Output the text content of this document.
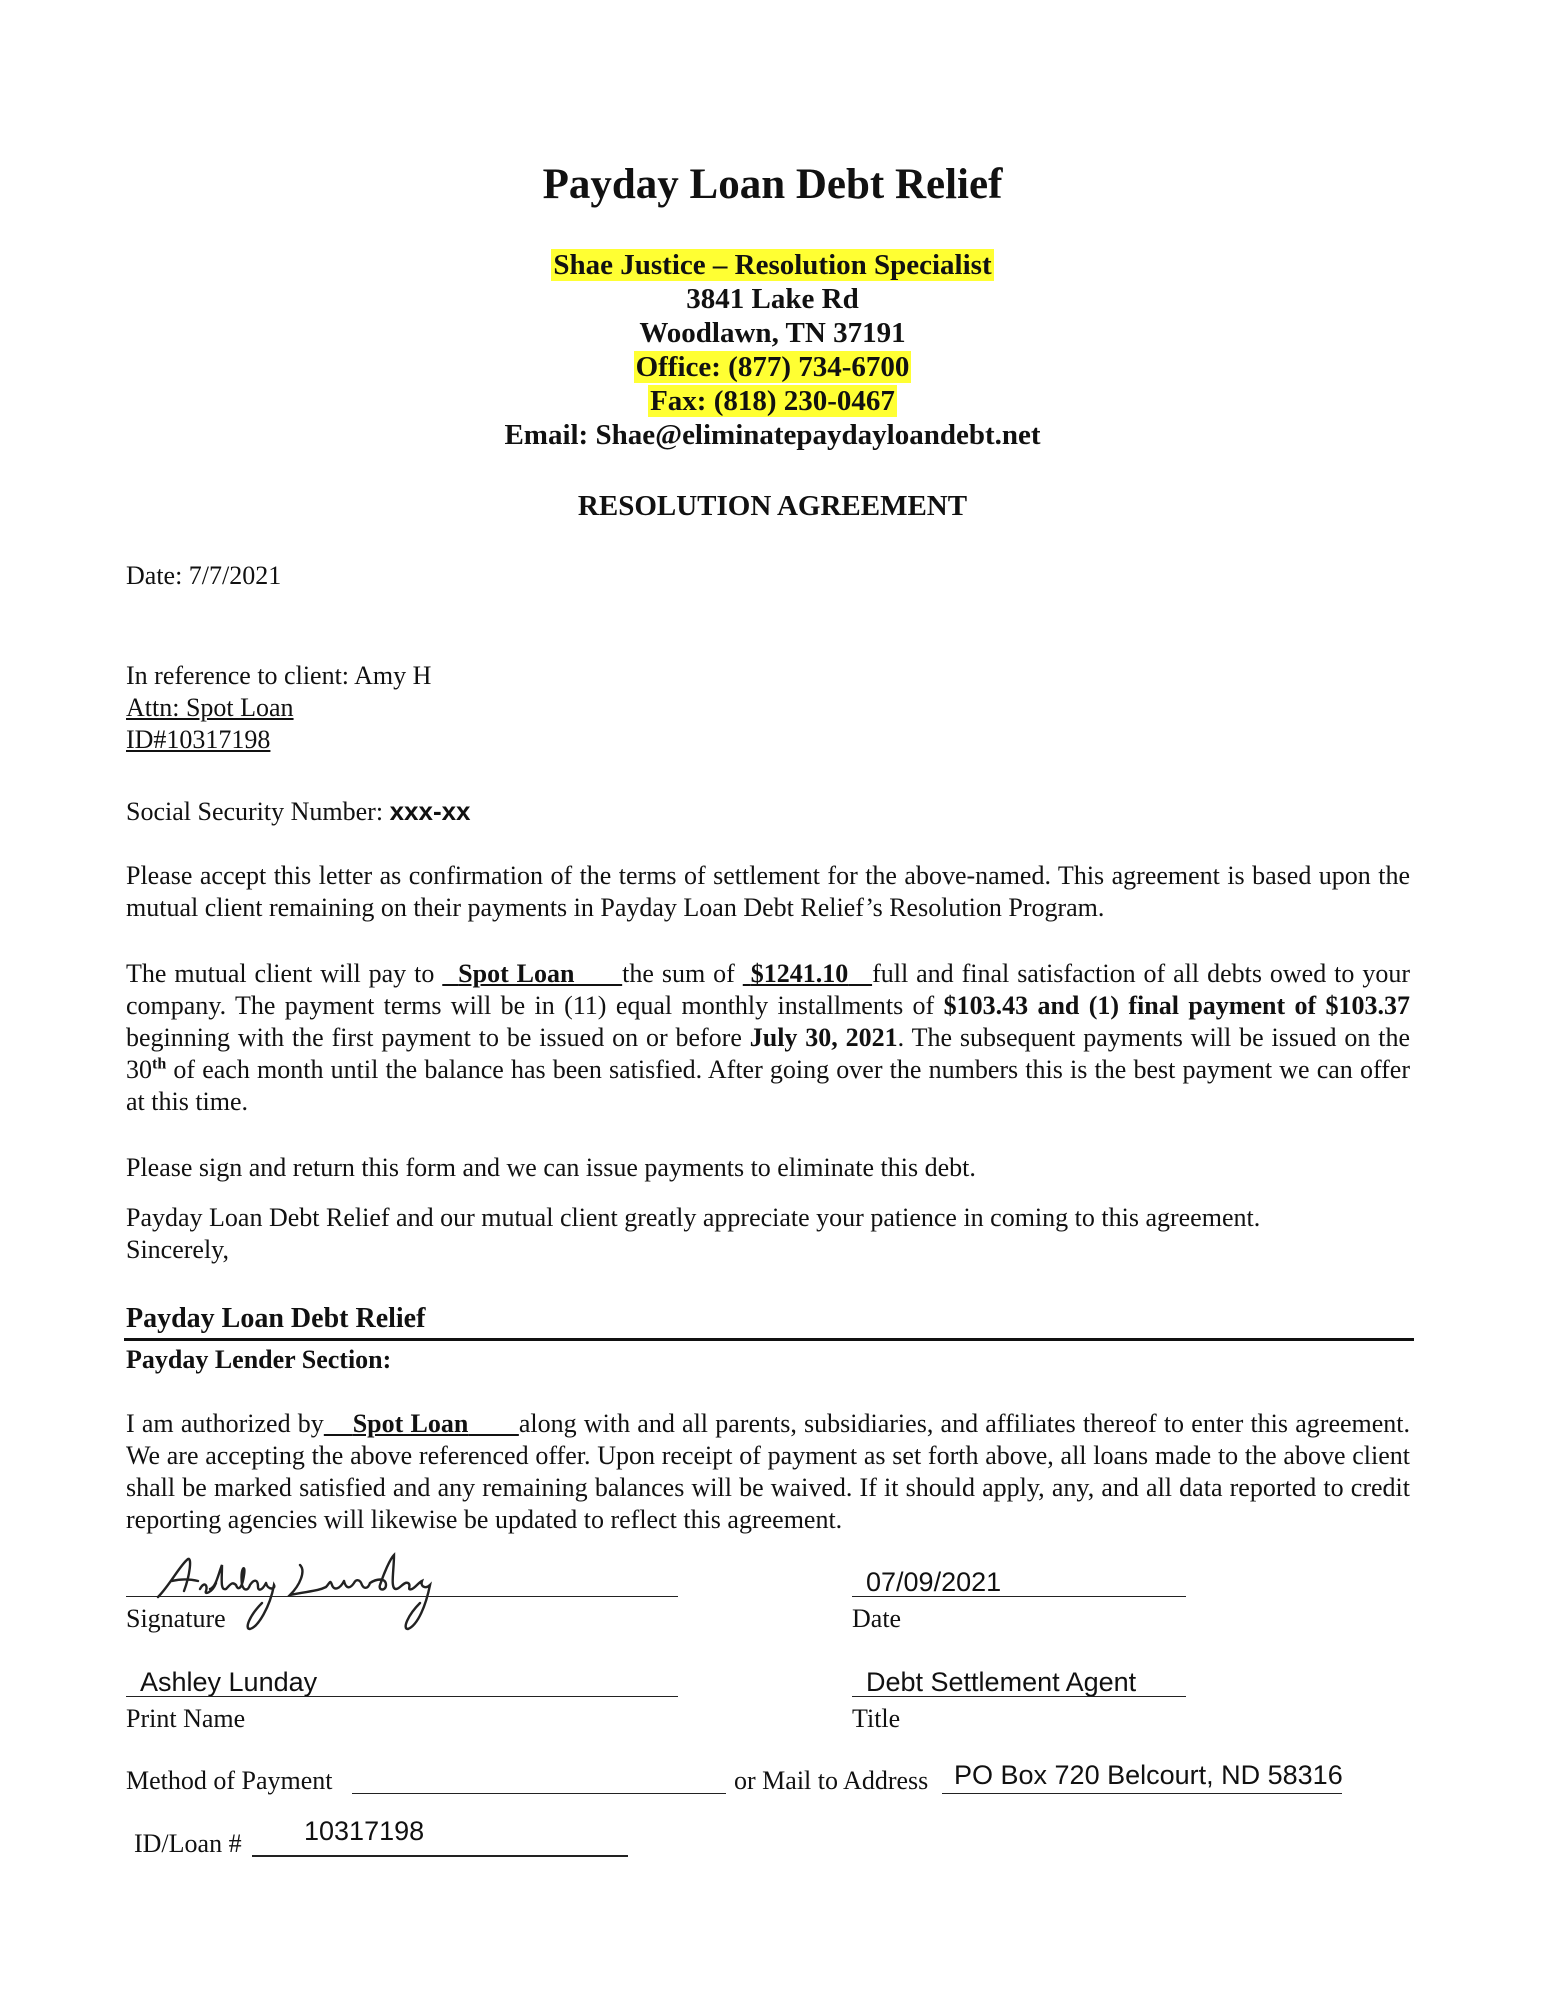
Payday Loan Debt Relief
Shae Justice – Resolution Specialist
3841 Lake Rd
Woodlawn, TN 37191
Office: (877) 734-6700
Fax: (818) 230-0467
Email: Shae@eliminatepaydayloandebt.net
RESOLUTION AGREEMENT
Date: 7/7/2021
In reference to client: Amy H
Attn: Spot Loan
ID#10317198
Social Security Number: xxx-xx
Please accept this letter as confirmation of the terms of settlement for the above-named. This agreement is based upon the mutual client remaining on their payments in Payday Loan Debt Relief’s Resolution Program.
The mutual client will pay to   Spot Loan the sum of  $1241.10 full and final satisfaction of all debts owed to your company. The payment terms will be in (11) equal monthly installments of $103.43 and (1) final payment of $103.37 beginning with the first payment to be issued on or before July 30, 2021. The subsequent payments will be issued on the 30th of each month until the balance has been satisfied. After going over the numbers this is the best payment we can offer at this time.
Please sign and return this form and we can issue payments to eliminate this debt.
Payday Loan Debt Relief and our mutual client greatly appreciate your patience in coming to this agreement.
Sincerely,
Payday Loan Debt Relief
Payday Lender Section:
I am authorized by Spot Loan along with and all parents, subsidiaries, and affiliates thereof to enter this agreement. We are accepting the above referenced offer. Upon receipt of payment as set forth above, all loans made to the above client shall be marked satisfied and any remaining balances will be waived. If it should apply, any, and all data reported to credit reporting agencies will likewise be updated to reflect this agreement.
Ashley Lunday
Signature
07/09/2021
Date
Ashley Lunday
Print Name
Debt Settlement Agent
Title
Method of Payment	or Mail to Address PO Box 720 Belcourt, ND 58316
ID/Loan # 10317198
